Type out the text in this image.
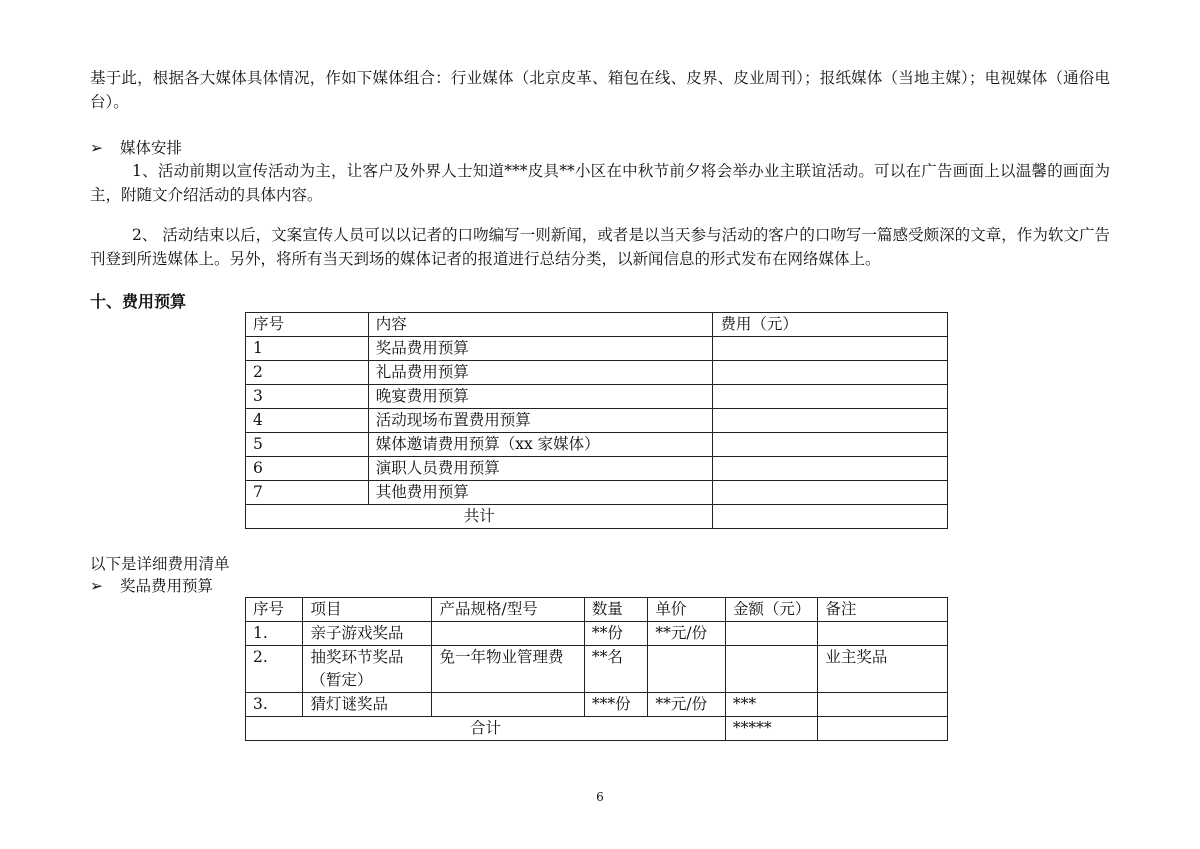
基于此，根据各大媒体具体情况，作如下媒体组合：行业媒体（北京皮革、箱包在线、皮界、皮业周刊）；报纸媒体（当地主媒）；电视媒体（通俗电台）。

➢ 媒体安排

1、活动前期以宣传活动为主，让客户及外界人士知道***皮具**小区在中秋节前夕将会举办业主联谊活动。可以在广告画面上以温馨的画面为主，附随文介绍活动的具体内容。

2、 活动结束以后，文案宣传人员可以以记者的口吻编写一则新闻，或者是以当天参与活动的客户的口吻写一篇感受颇深的文章，作为软文广告刊登到所选媒体上。另外，将所有当天到场的媒体记者的报道进行总结分类，以新闻信息的形式发布在网络媒体上。

十、费用预算
序号	内容	费用（元）
1	奖品费用预算	
2	礼品费用预算	
3	晚宴费用预算	
4	活动现场布置费用预算	
5	媒体邀请费用预算（xx 家媒体）	
6	演职人员费用预算	
7	其他费用预算	
共计		
以下是详细费用清单
➢ 奖品费用预算
序号	项目	产品规格/型号	数量	单价	金额（元）	备注
1.	亲子游戏奖品		**份	**元/份		
2.	抽奖环节奖品（暂定）	免一年物业管理费	**名			业主奖品
3.	猜灯谜奖品		***份	**元/份	***	
合计					*****	
6
